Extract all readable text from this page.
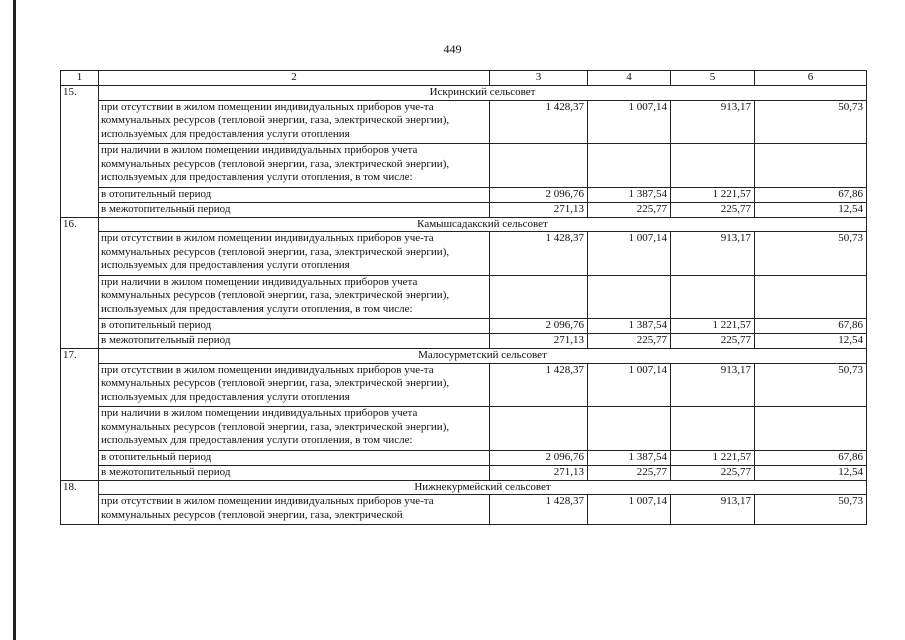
449
1	2	3	4	5	6
15.	Искринский сельсовет				
	при отсутствии в жилом помещении индивидуальных приборов уче-та коммунальных ресурсов (тепловой энергии, газа, электрической энергии), используемых для предоставления услуги отопления	1 428,37	1 007,14	913,17	50,73
	при наличии в жилом помещении индивидуальных приборов учета коммунальных ресурсов (тепловой энергии, газа, электрической энергии), используемых для предоставления услуги отопления, в том числе:				
	в отопительный период	2 096,76	1 387,54	1 221,57	67,86
	в межотопительный период	271,13	225,77	225,77	12,54
16.	Камышсадакский сельсовет				
	при отсутствии в жилом помещении индивидуальных приборов уче-та коммунальных ресурсов (тепловой энергии, газа, электрической энергии), используемых для предоставления услуги отопления	1 428,37	1 007,14	913,17	50,73
	при наличии в жилом помещении индивидуальных приборов учета коммунальных ресурсов (тепловой энергии, газа, электрической энергии), используемых для предоставления услуги отопления, в том числе:				
	в отопительный период	2 096,76	1 387,54	1 221,57	67,86
	в межотопительный период	271,13	225,77	225,77	12,54
17.	Малосурметский сельсовет				
	при отсутствии в жилом помещении индивидуальных приборов уче-та коммунальных ресурсов (тепловой энергии, газа, электрической энергии), используемых для предоставления услуги отопления	1 428,37	1 007,14	913,17	50,73
	при наличии в жилом помещении индивидуальных приборов учета коммунальных ресурсов (тепловой энергии, газа, электрической энергии), используемых для предоставления услуги отопления, в том числе:				
	в отопительный период	2 096,76	1 387,54	1 221,57	67,86
	в межотопительный период	271,13	225,77	225,77	12,54
18.	Нижнекурмейский сельсовет				
	при отсутствии в жилом помещении индивидуальных приборов уче-та коммунальных ресурсов (тепловой энергии, газа, электрической	1 428,37	1 007,14	913,17	50,73
